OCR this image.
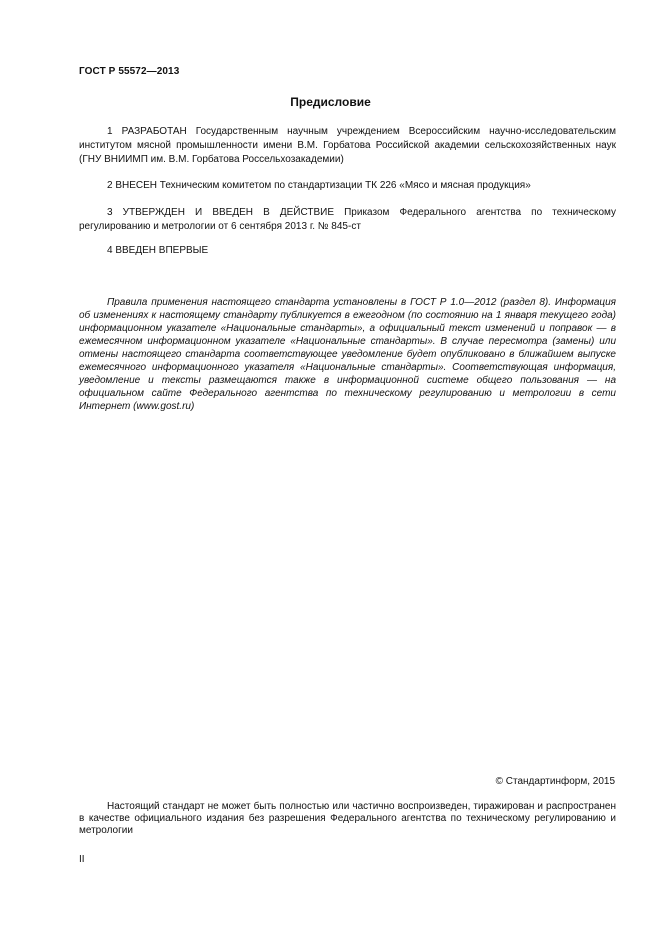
ГОСТ Р 55572—2013
Предисловие
1 РАЗРАБОТАН Государственным научным учреждением Всероссийским научно-исследовательским институтом мясной промышленности имени В.М. Горбатова Российской академии сельскохозяйственных наук (ГНУ ВНИИМП им. В.М. Горбатова Россельхозакадемии)
2 ВНЕСЕН Техническим комитетом по стандартизации ТК 226 «Мясо и мясная продукция»
3 УТВЕРЖДЕН И ВВЕДЕН В ДЕЙСТВИЕ Приказом Федерального агентства по техническому регулированию и метрологии от 6 сентября 2013 г. № 845-ст
4 ВВЕДЕН ВПЕРВЫЕ
Правила применения настоящего стандарта установлены в ГОСТ Р 1.0—2012 (раздел 8). Информация об изменениях к настоящему стандарту публикуется в ежегодном (по состоянию на 1 января текущего года) информационном указателе «Национальные стандарты», а официальный текст изменений и поправок — в ежемесячном информационном указателе «Национальные стандарты». В случае пересмотра (замены) или отмены настоящего стандарта соответствующее уведомление будет опубликовано в ближайшем выпуске ежемесячного информационного указателя «Национальные стандарты». Соответствующая информация, уведомление и тексты размещаются также в информационной системе общего пользования — на официальном сайте Федерального агентства по техническому регулированию и метрологии в сети Интернет (www.gost.ru)
© Стандартинформ, 2015
Настоящий стандарт не может быть полностью или частично воспроизведен, тиражирован и распространен в качестве официального издания без разрешения Федерального агентства по техническому регулированию и метрологии
II
